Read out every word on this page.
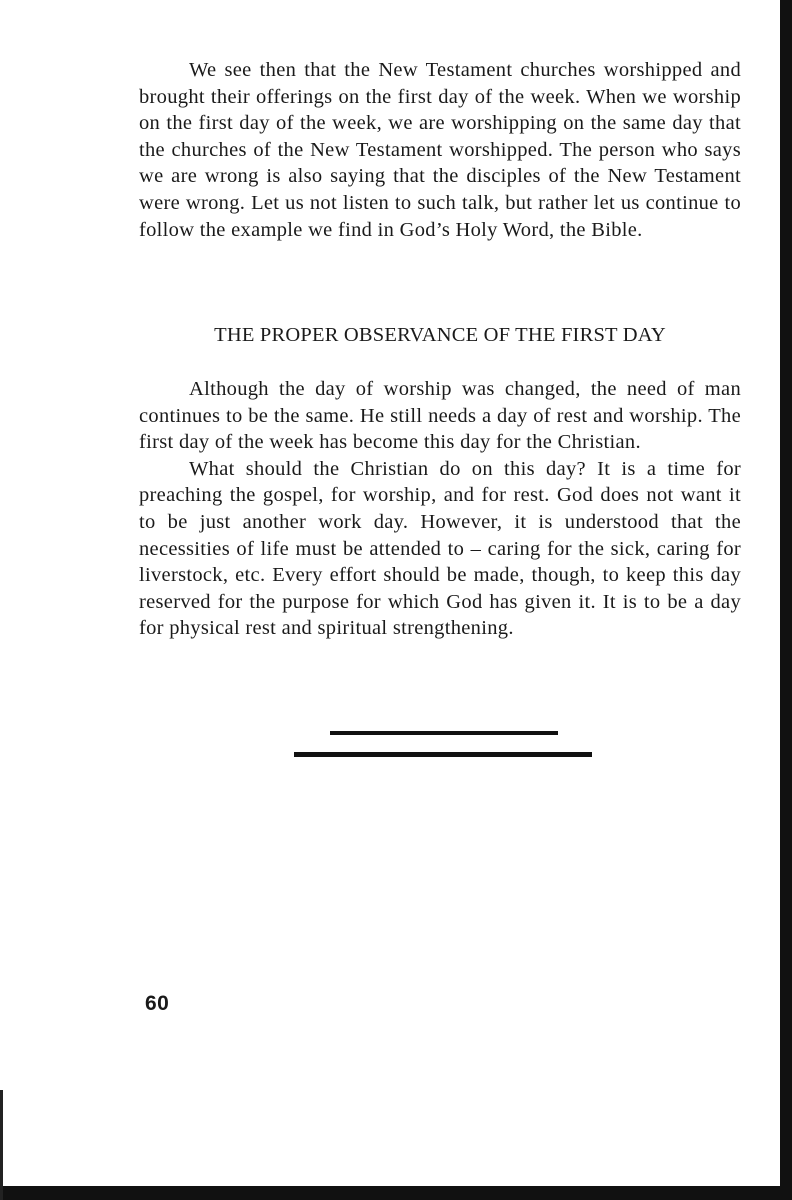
We see then that the New Testament churches worshipped and brought their offerings on the first day of the week. When we worship on the first day of the week, we are worshipping on the same day that the churches of the New Testament worshipped. The person who says we are wrong is also saying that the disciples of the New Testament were wrong. Let us not listen to such talk, but rather let us continue to follow the example we find in God’s Holy Word, the Bible.

THE PROPER OBSERVANCE OF THE FIRST DAY

Although the day of worship was changed, the need of man continues to be the same. He still needs a day of rest and worship. The first day of the week has become this day for the Christian.

What should the Christian do on this day? It is a time for preaching the gospel, for worship, and for rest. God does not want it to be just another work day. However, it is understood that the necessities of life must be attended to – caring for the sick, caring for liverstock, etc. Every effort should be made, though, to keep this day reserved for the purpose for which God has given it. It is to be a day for physical rest and spiritual strengthening.

60
